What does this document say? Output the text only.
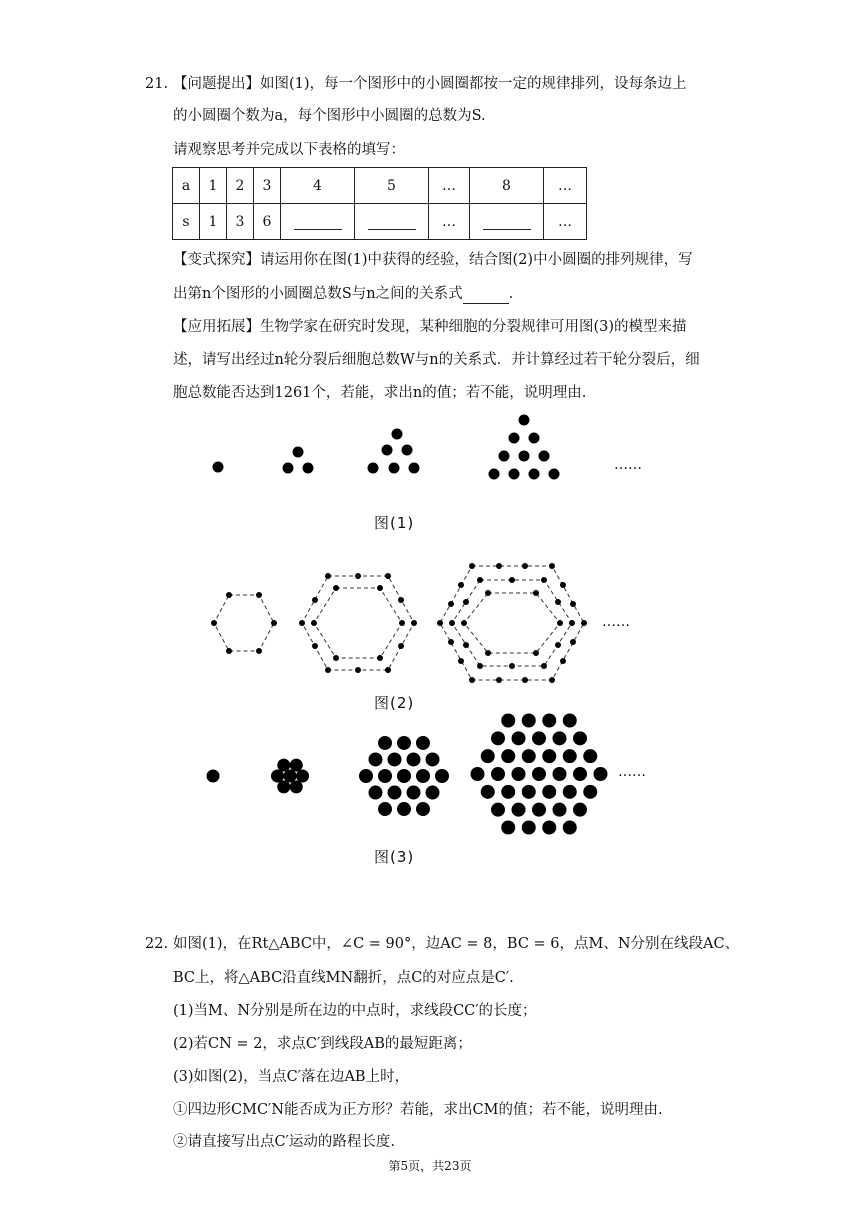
21. 【问题提出】如图(1)，每一个图形中的小圆圈都按一定的规律排列，设每条边上
的小圆圈个数为a，每个图形中小圆圈的总数为S.
请观察思考并完成以下表格的填写：
a	1	2	3	4	5	…	8	…
s	1	3	6			…		…
【变式探究】请运用你在图(1)中获得的经验，结合图(2)中小圆圈的排列规律，写
出第n个图形的小圆圈总数S与n之间的关系式	.
【应用拓展】生物学家在研究时发现，某种细胞的分裂规律可用图(3)的模型来描
述，请写出经过n轮分裂后细胞总数W与n的关系式．并计算经过若干轮分裂后，细
胞总数能否达到1261个，若能，求出n的值；若不能，说明理由.
……
图(1)
……
图(2)
……
图(3)
22. 如图(1)，在Rt△ABC中，∠C = 90°，边AC = 8，BC = 6，点M、N分别在线段AC、
BC上，将△ABC沿直线MN翻折，点C的对应点是C′.
(1)当M、N分别是所在边的中点时，求线段CC′的长度；
(2)若CN = 2，求点C′到线段AB的最短距离；
(3)如图(2)，当点C′落在边AB上时，
①四边形CMC′N能否成为正方形？若能，求出CM的值；若不能，说明理由.
②请直接写出点C′运动的路程长度.
第5页，共23页
